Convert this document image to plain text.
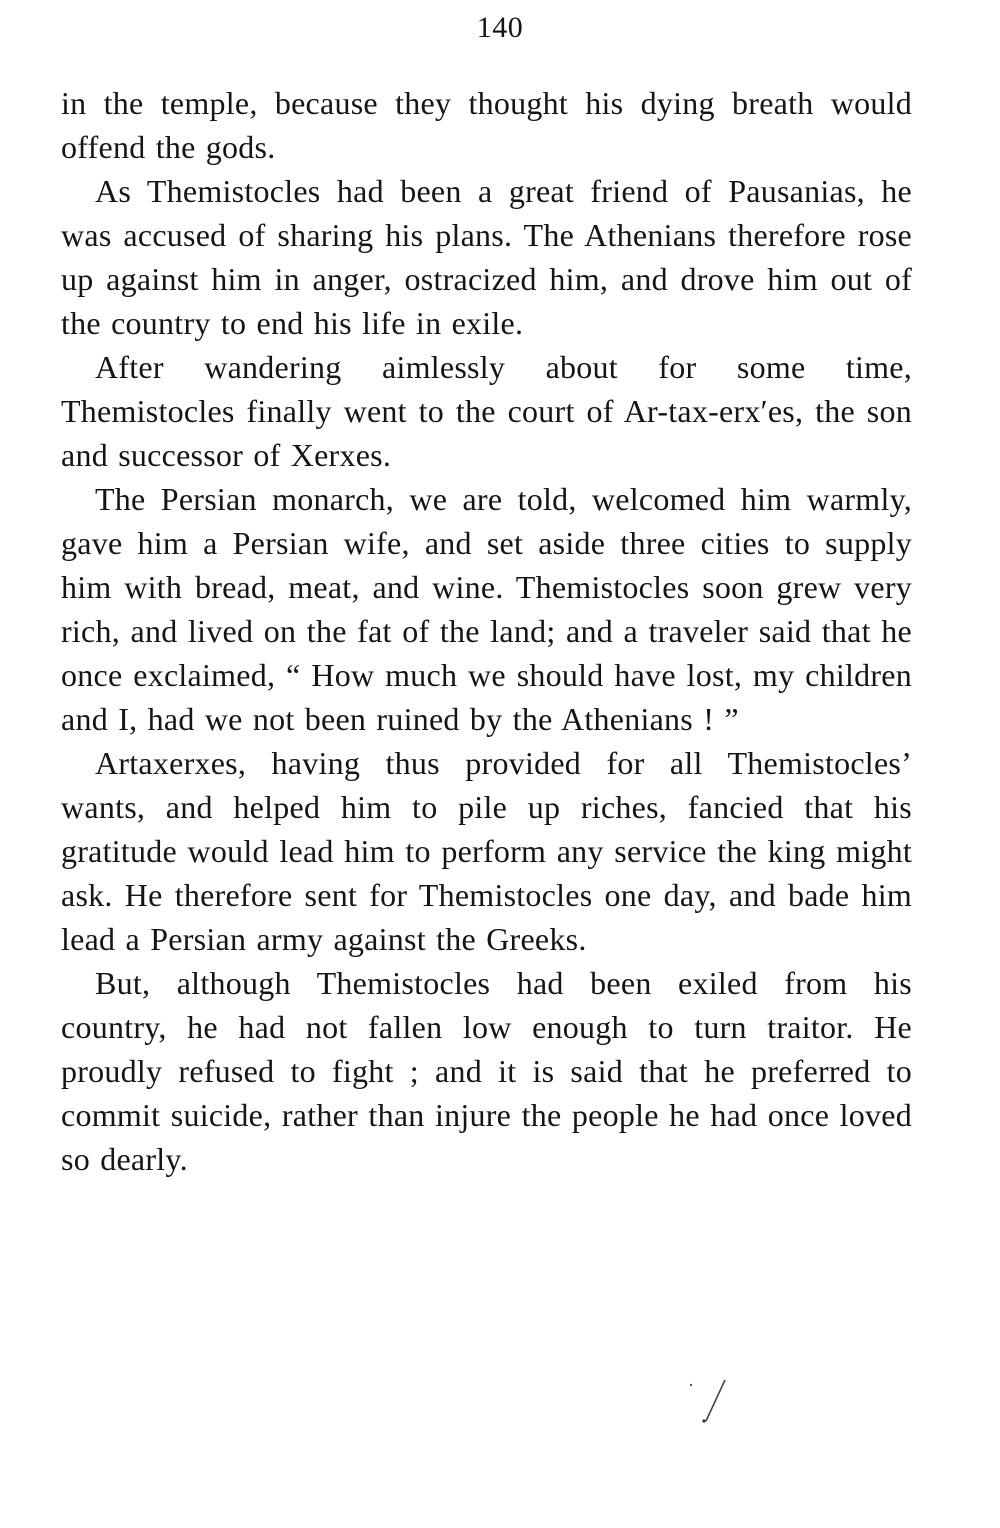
140

in the temple, because they thought his dying breath would offend the gods.

As Themistocles had been a great friend of Pausanias, he was accused of sharing his plans. The Athenians therefore rose up against him in anger, ostracized him, and drove him out of the country to end his life in exile.

After wandering aimlessly about for some time, Themistocles finally went to the court of Ar-tax-erx′es, the son and successor of Xerxes.

The Persian monarch, we are told, welcomed him warmly, gave him a Persian wife, and set aside three cities to supply him with bread, meat, and wine. Themistocles soon grew very rich, and lived on the fat of the land; and a traveler said that he once exclaimed, “ How much we should have lost, my children and I, had we not been ruined by the Athenians ! ”

Artaxerxes, having thus provided for all Themistocles’ wants, and helped him to pile up riches, fancied that his gratitude would lead him to perform any service the king might ask. He therefore sent for Themistocles one day, and bade him lead a Persian army against the Greeks.

But, although Themistocles had been exiled from his country, he had not fallen low enough to turn traitor. He proudly refused to fight ; and it is said that he preferred to commit suicide, rather than injure the people he had once loved so dearly.
